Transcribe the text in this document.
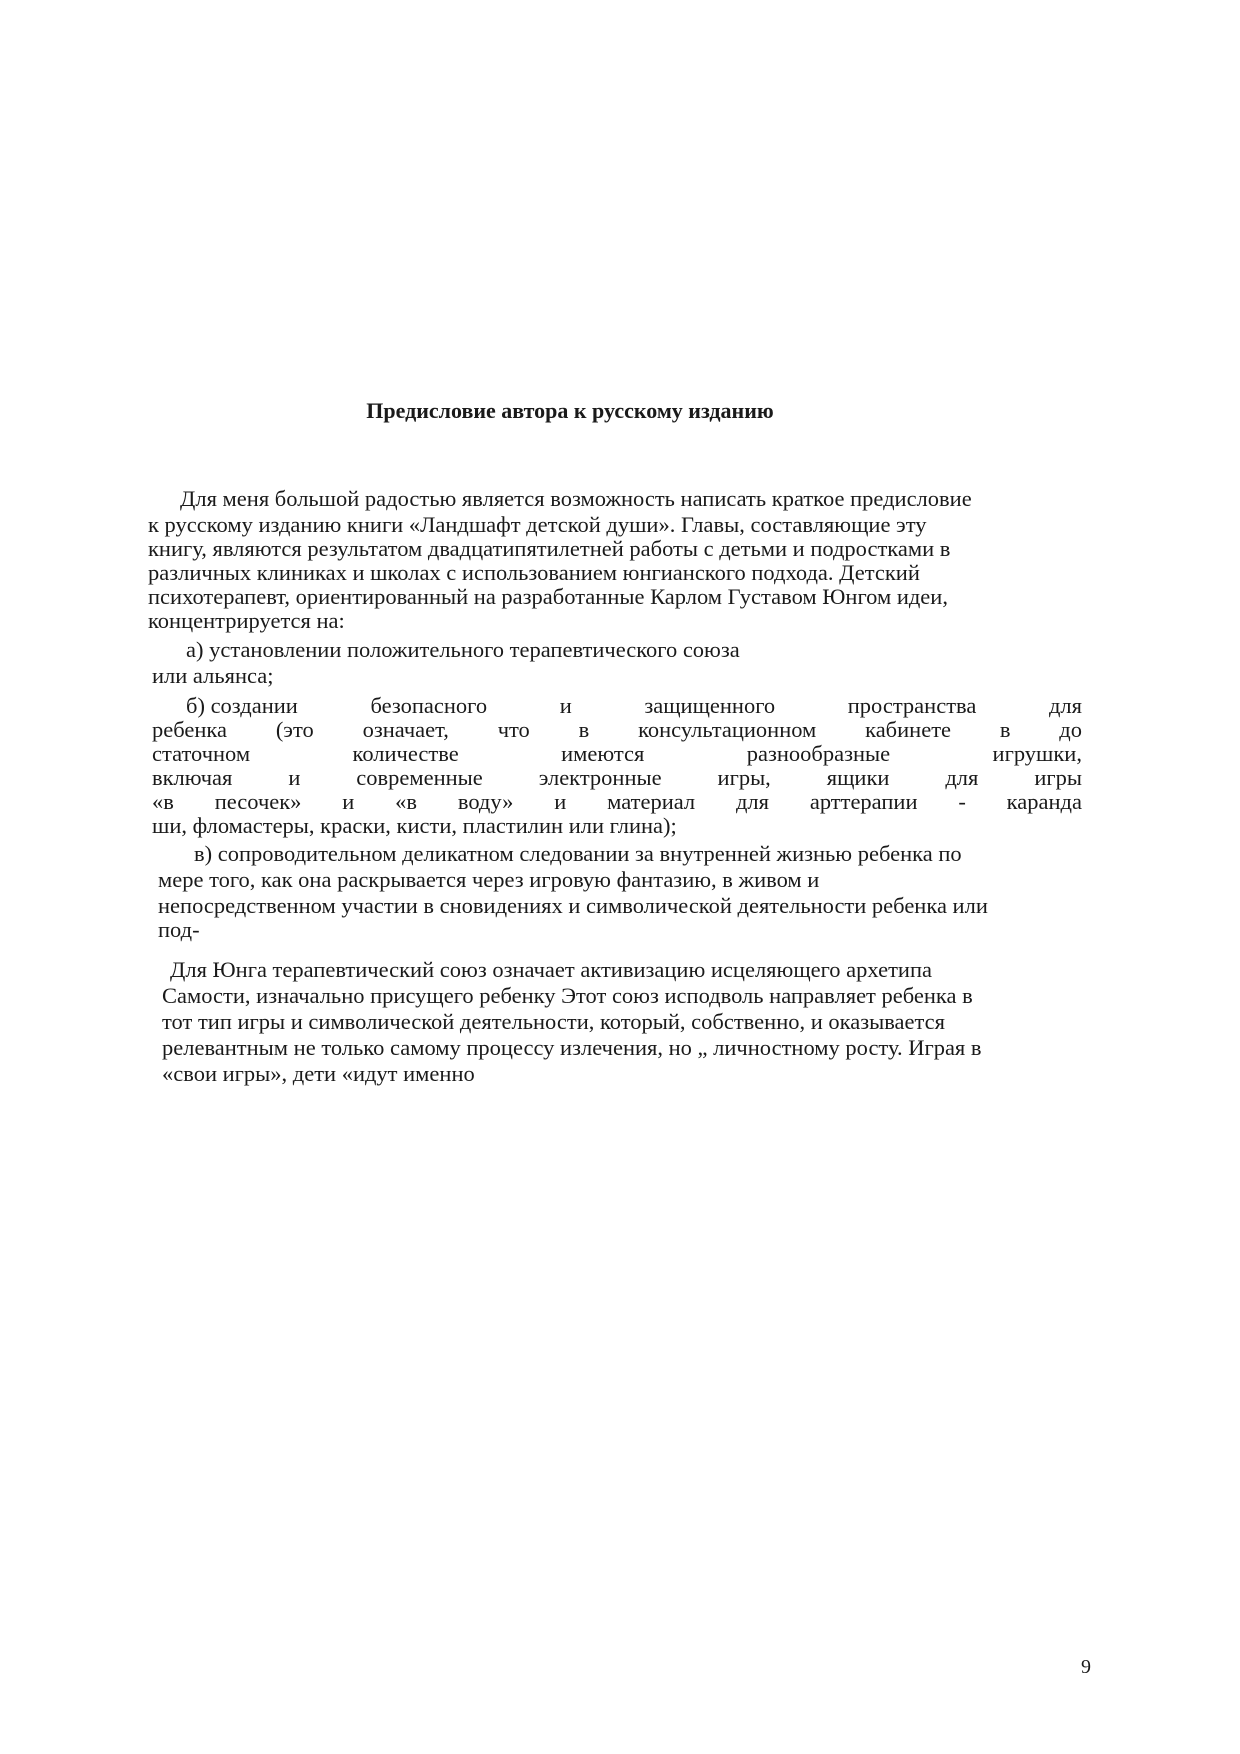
Предисловие автора к русскому изданию

Для меня большой радостью является возможность написать краткое предисловие

к русскому изданию книги «Ландшафт детской души». Главы, составляющие эту

книгу, являются результатом двадцатипятилетней работы с детьми и подростками в

различных клиниках и школах с использованием юнгианского подхода. Детский

психотерапевт, ориентированный на разработанные Карлом Густавом Юнгом идеи,

концентрируется на:

а) установлении положительного терапевтического союза

или альянса;

б) создании	безопасного	и	защищенного	пространства	для

ребенка (это означает, что в консультационном кабинете в до

статочном	количестве	имеются	разнообразные	игрушки,

включая и современные электронные игры, ящики для игры

«в песочек» и «в воду» и материал для арттерапии - каранда

ши, фломастеры, краски, кисти, пластилин или глина);

в) сопроводительном деликатном следовании за внутренней жизнью ребенка по

мере того, как она раскрывается через игровую фантазию, в живом и

непосредственном участии в сновидениях и символической деятельности ребенка или

под-

Для Юнга терапевтический союз означает активизацию исцеляющего архетипа

Самости, изначально присущего ребенку Этот союз исподволь направляет ребенка в

тот тип игры и символической деятельности, который, собственно, и оказывается

релевантным не только самому процессу излечения, но „ личностному росту. Играя в

«свои игры», дети «идут именно

9
